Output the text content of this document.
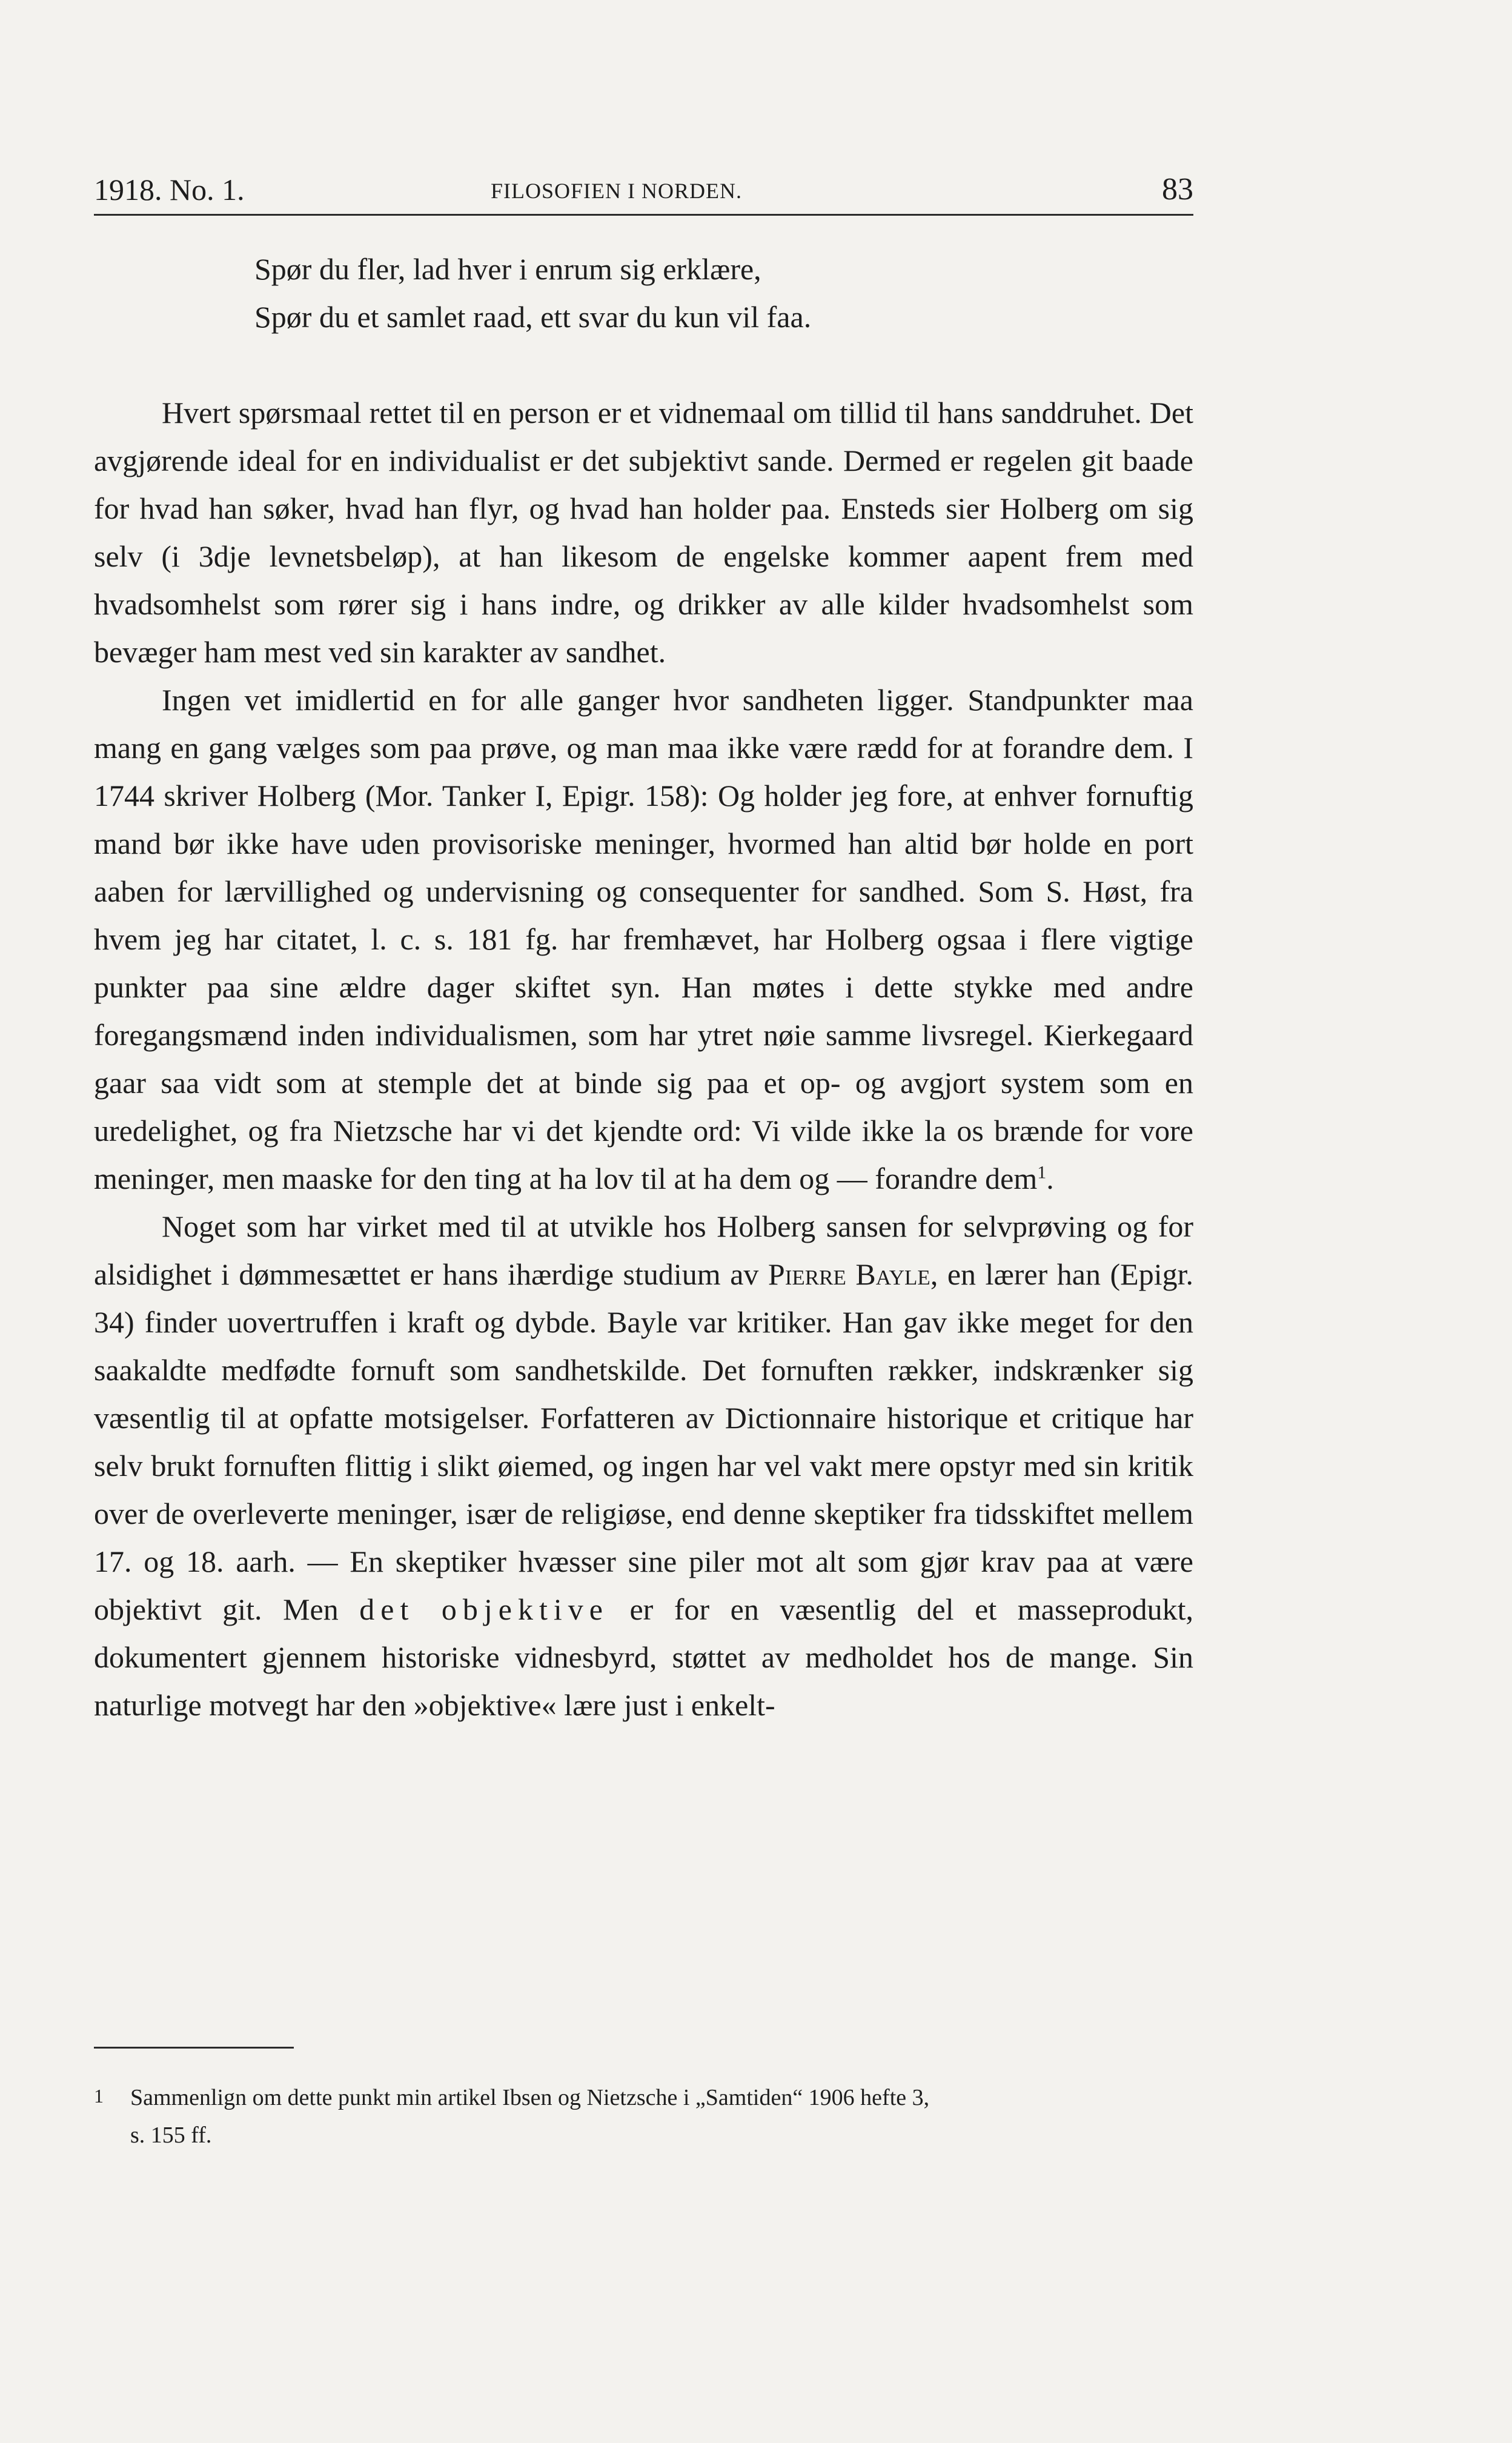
1918. No. 1.	FILOSOFIEN I NORDEN.	83
Spør du fler, lad hver i enrum sig erklære,
Spør du et samlet raad, ett svar du kun vil faa.

Hvert spørsmaal rettet til en person er et vidnemaal om tillid til hans sanddruhet. Det avgjørende ideal for en individualist er det subjektivt sande. Dermed er regelen git baade for hvad han søker, hvad han flyr, og hvad han holder paa. Ensteds sier Holberg om sig selv (i 3dje levnetsbeløp), at han likesom de engelske kommer aapent frem med hvadsomhelst som rører sig i hans indre, og drikker av alle kilder hvadsomhelst som bevæger ham mest ved sin karakter av sandhet.

Ingen vet imidlertid en for alle ganger hvor sandheten ligger. Standpunkter maa mang en gang vælges som paa prøve, og man maa ikke være rædd for at forandre dem. I 1744 skriver Holberg (Mor. Tanker I, Epigr. 158): Og holder jeg fore, at enhver fornuftig mand bør ikke have uden provisoriske meninger, hvormed han altid bør holde en port aaben for lærvillighed og undervisning og consequenter for sandhed. Som S. Høst, fra hvem jeg har citatet, l. c. s. 181 fg. har fremhævet, har Holberg ogsaa i flere vigtige punkter paa sine ældre dager skiftet syn. Han møtes i dette stykke med andre foregangsmænd inden individualismen, som har ytret nøie samme livsregel. Kierkegaard gaar saa vidt som at stemple det at binde sig paa et op- og avgjort system som en uredelighet, og fra Nietzsche har vi det kjendte ord: Vi vilde ikke la os brænde for vore meninger, men maaske for den ting at ha lov til at ha dem og — forandre dem$^1$.

Noget som har virket med til at utvikle hos Holberg sansen for selvprøving og for alsidighet i dømmesættet er hans ihærdige studium av Pierre Bayle, en lærer han (Epigr. 34) finder uovertruffen i kraft og dybde. Bayle var kritiker. Han gav ikke meget for den saakaldte medfødte fornuft som sandhetskilde. Det fornuften rækker, indskrænker sig væsentlig til at opfatte motsigelser. Forfatteren av Dictionnaire historique et critique har selv brukt fornuften flittig i slikt øiemed, og ingen har vel vakt mere opstyr med sin kritik over de overleverte meninger, især de religiøse, end denne skeptiker fra tidsskiftet mellem 17. og 18. aarh. — En skeptiker hvæsser sine piler mot alt som gjør krav paa at være objektivt git. Men det objektive er for en væsentlig del et masseprodukt, dokumentert gjennem historiske vidnesbyrd, støttet av medholdet hos de mange. Sin naturlige motvegt har den »objektive« lære just i enkelt-

1 Sammenlign om dette punkt min artikel Ibsen og Nietzsche i „Samtiden“ 1906 hefte 3,
s. 155 ff.
